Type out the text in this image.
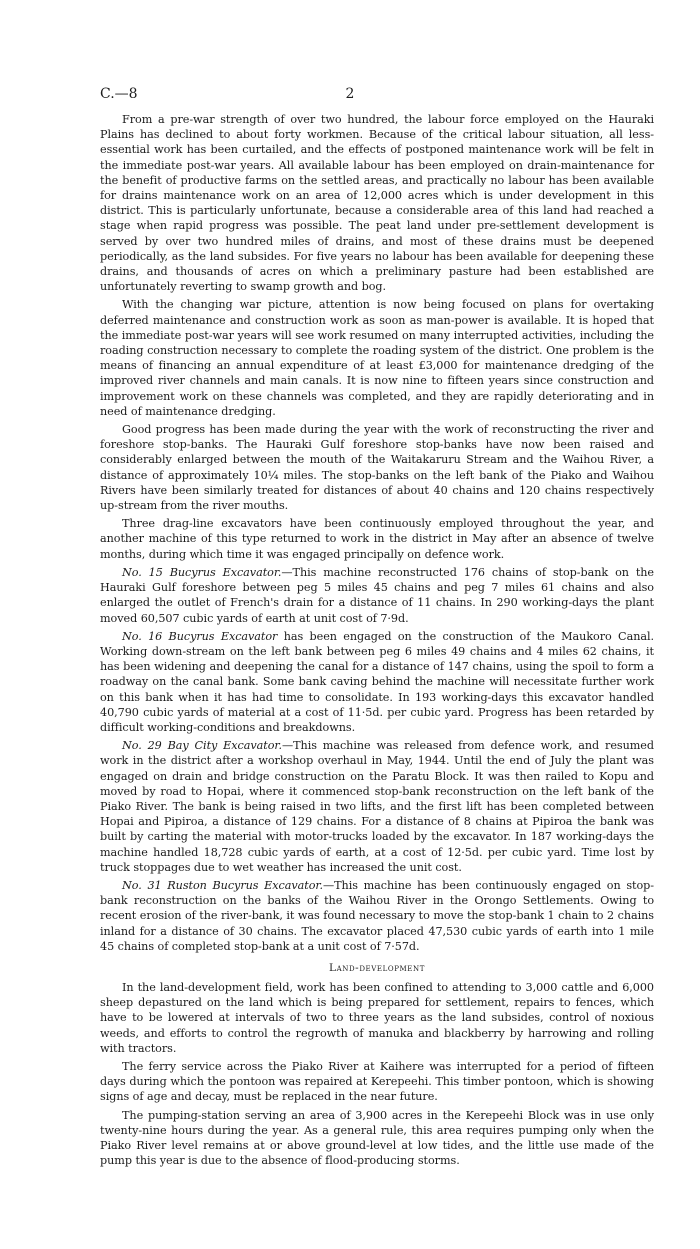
C.—8	2

From a pre-war strength of over two hundred, the labour force employed on the Hauraki Plains has declined to about forty workmen. Because of the critical labour situation, all less-essential work has been curtailed, and the effects of postponed maintenance work will be felt in the immediate post-war years. All available labour has been employed on drain-maintenance for the benefit of productive farms on the settled areas, and practically no labour has been available for drains maintenance work on an area of 12,000 acres which is under development in this district. This is particularly unfortunate, because a considerable area of this land had reached a stage when rapid progress was possible. The peat land under pre-settlement development is served by over two hundred miles of drains, and most of these drains must be deepened periodically, as the land subsides. For five years no labour has been available for deepening these drains, and thousands of acres on which a preliminary pasture had been established are unfortunately reverting to swamp growth and bog.

With the changing war picture, attention is now being focused on plans for overtaking deferred maintenance and construction work as soon as man-power is available. It is hoped that the immediate post-war years will see work resumed on many interrupted activities, including the roading construction necessary to complete the roading system of the district. One problem is the means of financing an annual expenditure of at least £3,000 for maintenance dredging of the improved river channels and main canals. It is now nine to fifteen years since construction and improvement work on these channels was completed, and they are rapidly deteriorating and in need of maintenance dredging.

Good progress has been made during the year with the work of reconstructing the river and foreshore stop-banks. The Hauraki Gulf foreshore stop-banks have now been raised and considerably enlarged between the mouth of the Waitakaruru Stream and the Waihou River, a distance of approximately 10¼ miles. The stop-banks on the left bank of the Piako and Waihou Rivers have been similarly treated for distances of about 40 chains and 120 chains respectively up-stream from the river mouths.

Three drag-line excavators have been continuously employed throughout the year, and another machine of this type returned to work in the district in May after an absence of twelve months, during which time it was engaged principally on defence work.

No. 15 Bucyrus Excavator.—This machine reconstructed 176 chains of stop-bank on the Hauraki Gulf foreshore between peg 5 miles 45 chains and peg 7 miles 61 chains and also enlarged the outlet of French's drain for a distance of 11 chains. In 290 working-days the plant moved 60,507 cubic yards of earth at unit cost of 7·9d.

No. 16 Bucyrus Excavator has been engaged on the construction of the Maukoro Canal. Working down-stream on the left bank between peg 6 miles 49 chains and 4 miles 62 chains, it has been widening and deepening the canal for a distance of 147 chains, using the spoil to form a roadway on the canal bank. Some bank caving behind the machine will necessitate further work on this bank when it has had time to consolidate. In 193 working-days this excavator handled 40,790 cubic yards of material at a cost of 11·5d. per cubic yard. Progress has been retarded by difficult working-conditions and breakdowns.

No. 29 Bay City Excavator.—This machine was released from defence work, and resumed work in the district after a workshop overhaul in May, 1944. Until the end of July the plant was engaged on drain and bridge construction on the Paratu Block. It was then railed to Kopu and moved by road to Hopai, where it commenced stop-bank reconstruction on the left bank of the Piako River. The bank is being raised in two lifts, and the first lift has been completed between Hopai and Pipiroa, a distance of 129 chains. For a distance of 8 chains at Pipiroa the bank was built by carting the material with motor-trucks loaded by the excavator. In 187 working-days the machine handled 18,728 cubic yards of earth, at a cost of 12·5d. per cubic yard. Time lost by truck stoppages due to wet weather has increased the unit cost.

No. 31 Ruston Bucyrus Excavator.—This machine has been continuously engaged on stop-bank reconstruction on the banks of the Waihou River in the Orongo Settlements. Owing to recent erosion of the river-bank, it was found necessary to move the stop-bank 1 chain to 2 chains inland for a distance of 30 chains. The excavator placed 47,530 cubic yards of earth into 1 mile 45 chains of completed stop-bank at a unit cost of 7·57d.

Land-development

In the land-development field, work has been confined to attending to 3,000 cattle and 6,000 sheep depastured on the land which is being prepared for settlement, repairs to fences, which have to be lowered at intervals of two to three years as the land subsides, control of noxious weeds, and efforts to control the regrowth of manuka and blackberry by harrowing and rolling with tractors.

The ferry service across the Piako River at Kaihere was interrupted for a period of fifteen days during which the pontoon was repaired at Kerepeehi. This timber pontoon, which is showing signs of age and decay, must be replaced in the near future.

The pumping-station serving an area of 3,900 acres in the Kerepeehi Block was in use only twenty-nine hours during the year. As a general rule, this area requires pumping only when the Piako River level remains at or above ground-level at low tides, and the little use made of the pump this year is due to the absence of flood-producing storms.
